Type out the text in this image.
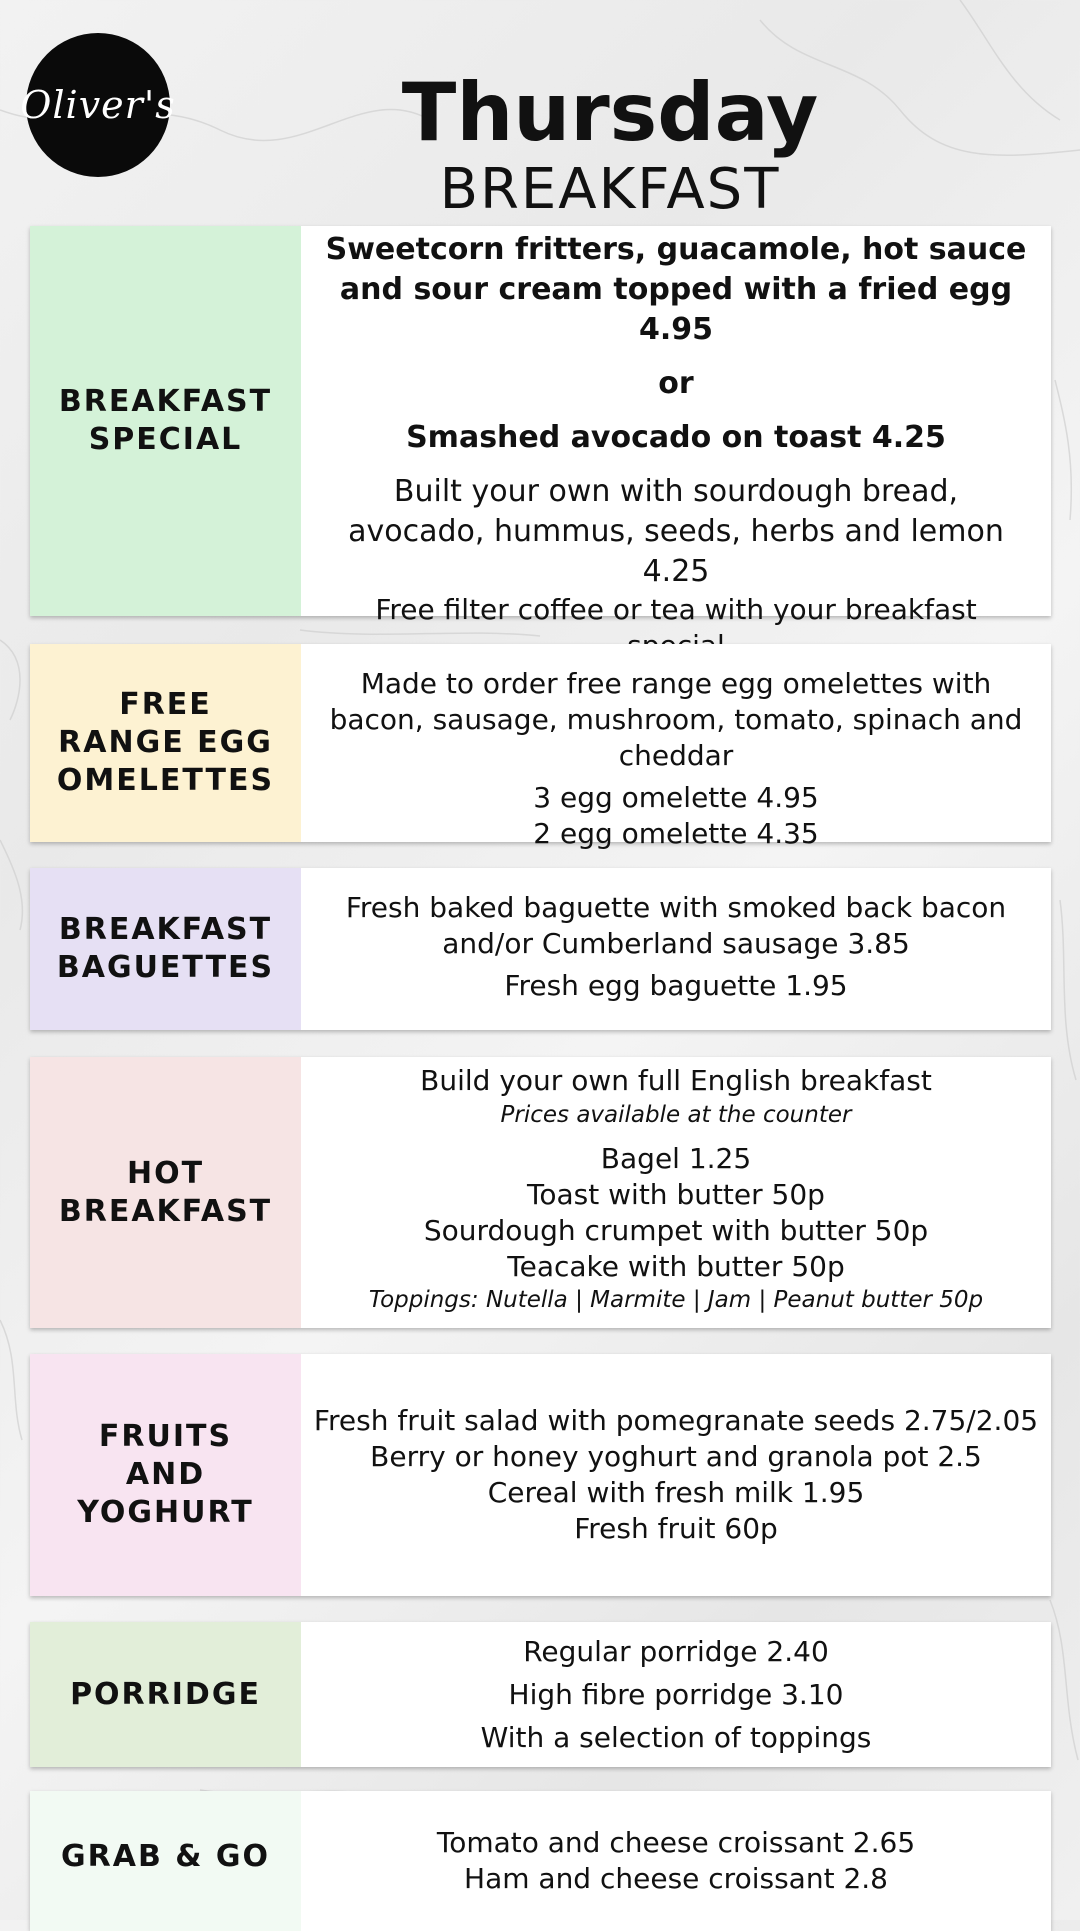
Oliver's	Thursday
BREAKFAST
BREAKFAST SPECIAL
Sweetcorn fritters, guacamole, hot sauce and sour cream topped with a fried egg 4.95
or
Smashed avocado on toast 4.25
Built your own with sourdough bread, avocado, hummus, seeds, herbs and lemon 4.25
Free filter coffee or tea with your breakfast
FREE RANGE EGG OMELETTES
Made to order free range egg omelettes with bacon, sausage, mushroom, tomato, spinach and cheddar
3 egg omelette 4.95
2 egg omelette 4.35
BREAKFAST BAGUETTES
Fresh baked baguette with smoked back bacon and/or Cumberland sausage 3.85
Fresh egg baguette 1.95
HOT BREAKFAST
Build your own full English breakfast
Prices available at the counter
Bagel 1.25
Toast with butter 50p
Sourdough crumpet with butter 50p
Teacake with butter 50p
Toppings: Nutella | Marmite | Jam | Peanut butter 50p
FRUITS AND YOGHURT
Fresh fruit salad with pomegranate seeds 2.75/2.05
Berry or honey yoghurt and granola pot 2.5
Cereal with fresh milk 1.95
Fresh fruit 60p
PORRIDGE
Regular porridge 2.40
High fibre porridge 3.10
With a selection of toppings
GRAB & GO	Tomato and cheese croissant 2.65
Ham and cheese croissant 2.8
